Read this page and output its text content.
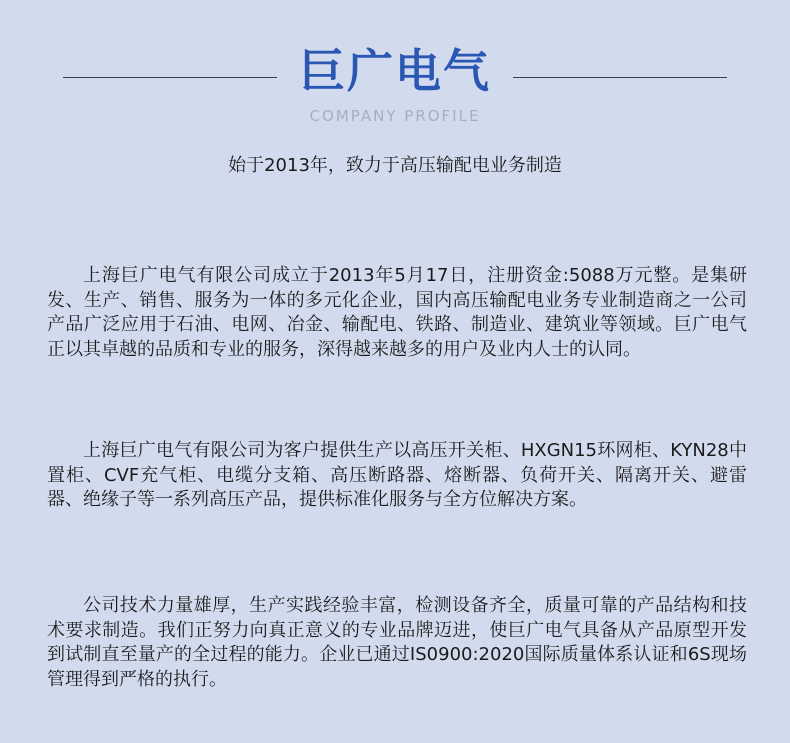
巨广电气
COMPANY PROFILE
始于2013年，致力于高压输配电业务制造

上海巨广电气有限公司成立于2013年5月17日，注册资金:5088万元整。是集研发、生产、销售、服务为一体的多元化企业，国内高压输配电业务专业制造商之一公司产品广泛应用于石油、电网、冶金、输配电、铁路、制造业、建筑业等领域。巨广电气正以其卓越的品质和专业的服务，深得越来越多的用户及业内人士的认同。

上海巨广电气有限公司为客户提供生产以高压开关柜、HXGN15环网柜、KYN28中置柜、CVF充气柜、电缆分支箱、高压断路器、熔断器、负荷开关、隔离开关、避雷器、绝缘子等一系列高压产品，提供标准化服务与全方位解决方案。

公司技术力量雄厚，生产实践经验丰富，检测设备齐全，质量可靠的产品结构和技术要求制造。我们正努力向真正意义的专业品牌迈进，使巨广电气具备从产品原型开发到试制直至量产的全过程的能力。企业已通过IS0900:2020国际质量体系认证和6S现场管理得到严格的执行。
